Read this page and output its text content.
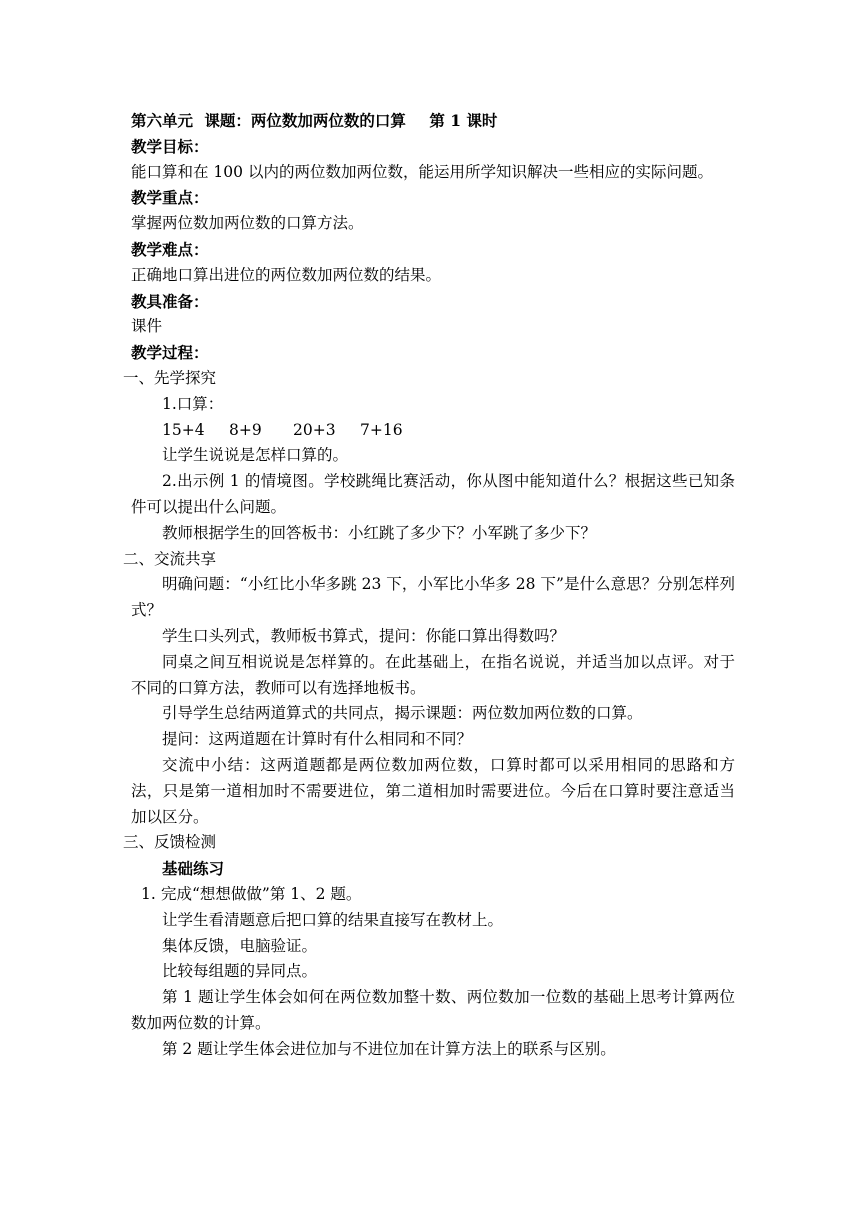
第六单元 课题：两位数加两位数的口算 第 1 课时
教学目标：
能口算和在 100 以内的两位数加两位数，能运用所学知识解决一些相应的实际问题。
教学重点：
掌握两位数加两位数的口算方法。
教学难点：
正确地口算出进位的两位数加两位数的结果。
教具准备：
课件
教学过程：
一、先学探究
1.口算：
15+4 8+9 20+3 7+16
让学生说说是怎样口算的。
2.出示例 1 的情境图。学校跳绳比赛活动，你从图中能知道什么？根据这些已知条件可以提出什么问题。
教师根据学生的回答板书：小红跳了多少下？小军跳了多少下？
二、交流共享
明确问题：“小红比小华多跳 23 下，小军比小华多 28 下”是什么意思？分别怎样列式？
学生口头列式，教师板书算式，提问：你能口算出得数吗？
同桌之间互相说说是怎样算的。在此基础上，在指名说说，并适当加以点评。对于不同的口算方法，教师可以有选择地板书。
引导学生总结两道算式的共同点，揭示课题：两位数加两位数的口算。
提问：这两道题在计算时有什么相同和不同？
交流中小结：这两道题都是两位数加两位数，口算时都可以采用相同的思路和方法，只是第一道相加时不需要进位，第二道相加时需要进位。今后在口算时要注意适当加以区分。
三、反馈检测
基础练习
1. 完成“想想做做”第 1、2 题。
让学生看清题意后把口算的结果直接写在教材上。
集体反馈，电脑验证。
比较每组题的异同点。
第 1 题让学生体会如何在两位数加整十数、两位数加一位数的基础上思考计算两位数加两位数的计算。
第 2 题让学生体会进位加与不进位加在计算方法上的联系与区别。
